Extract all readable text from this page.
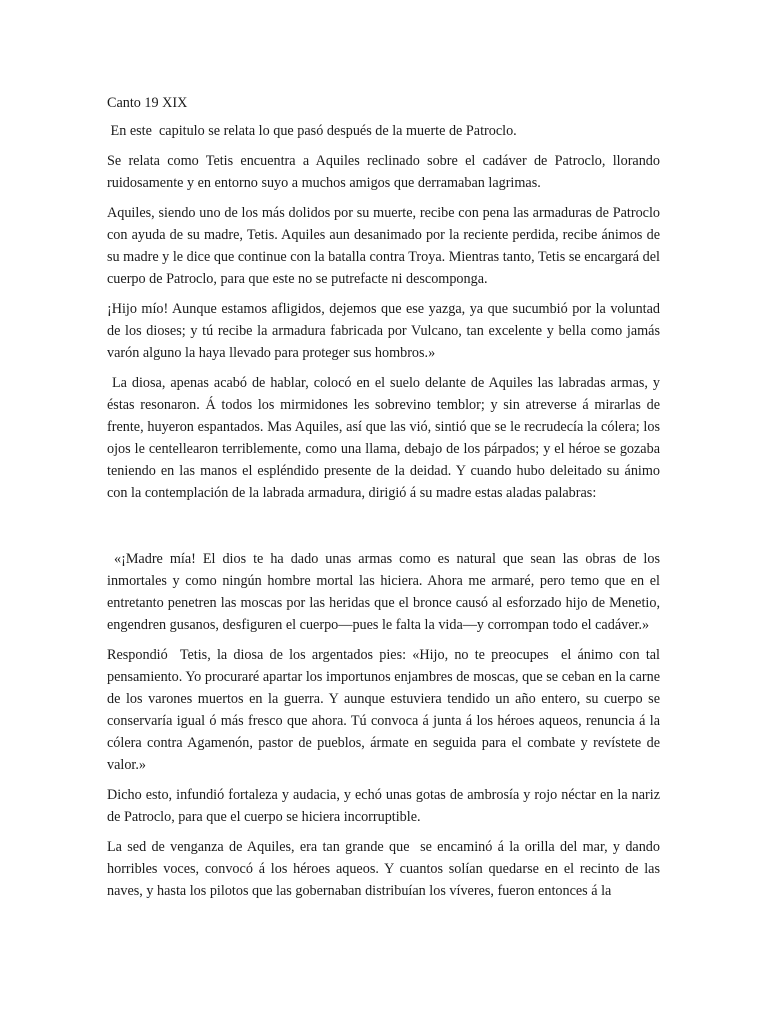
Canto 19 XIX

En este  capitulo se relata lo que pasó después de la muerte de Patroclo.

Se relata como Tetis encuentra a Aquiles reclinado sobre el cadáver de Patroclo, llorando ruidosamente y en entorno suyo a muchos amigos que derramaban lagrimas.

Aquiles, siendo uno de los más dolidos por su muerte, recibe con pena las armaduras de Patroclo con ayuda de su madre, Tetis. Aquiles aun desanimado por la reciente perdida, recibe ánimos de su madre y le dice que continue con la batalla contra Troya. Mientras tanto, Tetis se encargará del cuerpo de Patroclo, para que este no se putrefacte ni descomponga.

¡Hijo mío! Aunque estamos afligidos, dejemos que ese yazga, ya que sucumbió por la voluntad de los dioses; y tú recibe la armadura fabricada por Vulcano, tan excelente y bella como jamás varón alguno la haya llevado para proteger sus hombros.»

La diosa, apenas acabó de hablar, colocó en el suelo delante de Aquiles las labradas armas, y éstas resonaron. Á todos los mirmidones les sobrevino temblor; y sin atreverse á mirarlas de frente, huyeron espantados. Mas Aquiles, así que las vió, sintió que se le recrudecía la cólera; los ojos le centellearon terriblemente, como una llama, debajo de los párpados; y el héroe se gozaba teniendo en las manos el espléndido presente de la deidad. Y cuando hubo deleitado su ánimo con la contemplación de la labrada armadura, dirigió á su madre estas aladas palabras:

«¡Madre mía! El dios te ha dado unas armas como es natural que sean las obras de los inmortales y como ningún hombre mortal las hiciera. Ahora me armaré, pero temo que en el entretanto penetren las moscas por las heridas que el bronce causó al esforzado hijo de Menetio, engendren gusanos, desfiguren el cuerpo—pues le falta la vida—y corrompan todo el cadáver.»

Respondió  Tetis, la diosa de los argentados pies: «Hijo, no te preocupes  el ánimo con tal pensamiento. Yo procuraré apartar los importunos enjambres de moscas, que se ceban en la carne de los varones muertos en la guerra. Y aunque estuviera tendido un año entero, su cuerpo se conservaría igual ó más fresco que ahora. Tú convoca á junta á los héroes aqueos, renuncia á la cólera contra Agamenón, pastor de pueblos, ármate en seguida para el combate y revístete de valor.»

Dicho esto, infundió fortaleza y audacia, y echó unas gotas de ambrosía y rojo néctar en la nariz de Patroclo, para que el cuerpo se hiciera incorruptible.

La sed de venganza de Aquiles, era tan grande que  se encaminó á la orilla del mar, y dando horribles voces, convocó á los héroes aqueos. Y cuantos solían quedarse en el recinto de las naves, y hasta los pilotos que las gobernaban distribuían los víveres, fueron entonces á la
